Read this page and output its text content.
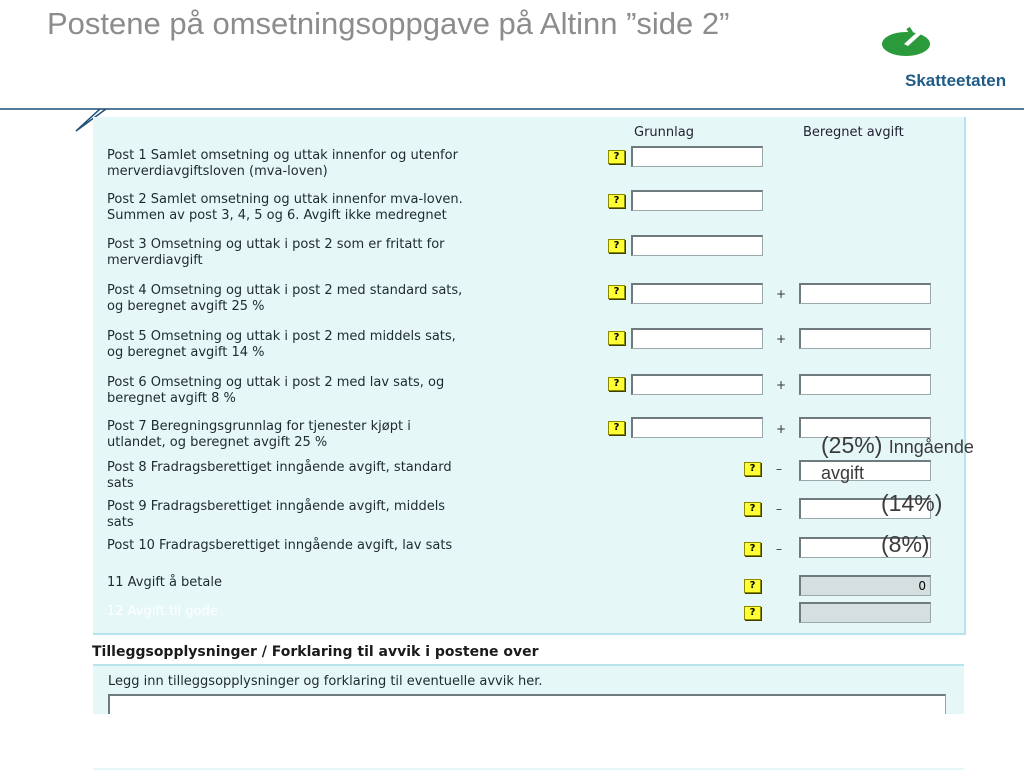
Postene på omsetningsoppgave på Altinn ”side 2”
Skatteetaten
Grunnlag	Beregnet avgift
Post 1 Samlet omsetning og uttak innenfor og utenfor
merverdiavgiftsloven (mva-loven)
?
Post 2 Samlet omsetning og uttak innenfor mva-loven.
Summen av post 3, 4, 5 og 6. Avgift ikke medregnet
?
Post 3 Omsetning og uttak i post 2 som er fritatt for
merverdiavgift
?
Post 4 Omsetning og uttak i post 2 med standard sats,
og beregnet avgift 25 %
?	+
Post 5 Omsetning og uttak i post 2 med middels sats,
og beregnet avgift 14 %
?	+
Post 6 Omsetning og uttak i post 2 med lav sats, og
beregnet avgift 8 %
?	+
Post 7 Beregningsgrunnlag for tjenester kjøpt i
utlandet, og beregnet avgift 25 %
?	+
Post 8 Fradragsberettiget inngående avgift, standard
sats
?	–
Post 9 Fradragsberettiget inngående avgift, middels
sats
?	–
Post 10 Fradragsberettiget inngående avgift, lav sats	?	–
11 Avgift å betale	?	0
12 Avgift til gode	?
(25%) Inngående
avgift
(14%)
(8%)
Tilleggsopplysninger / Forklaring til avvik i postene over
Legg inn tilleggsopplysninger og forklaring til eventuelle avvik her.
